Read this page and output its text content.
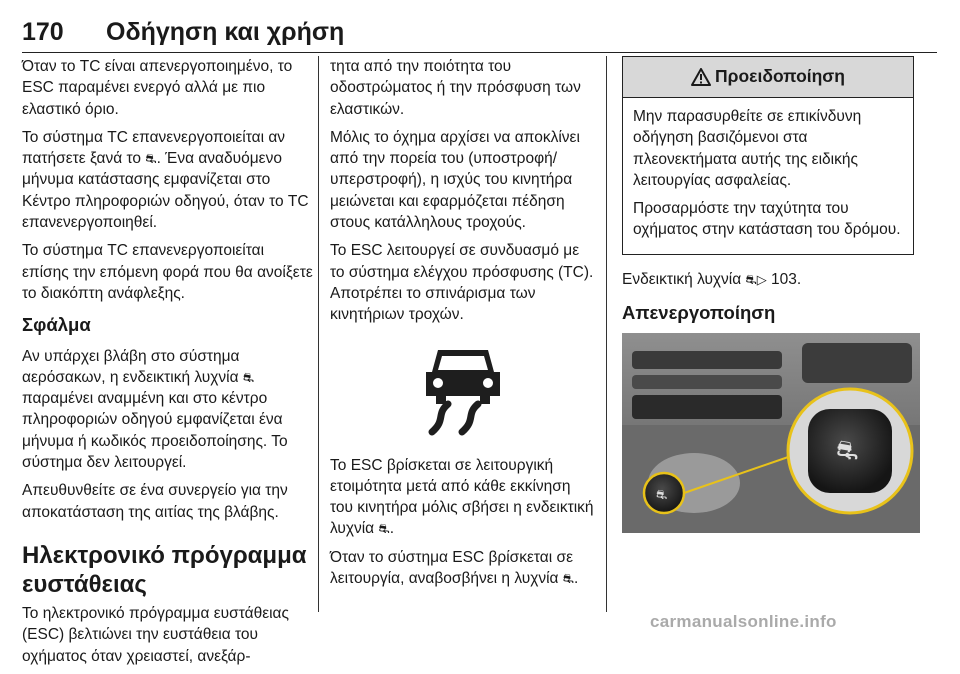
170 Οδήγηση και χρήση

Όταν το TC είναι απενεργοποιημένο, το ESC παραμένει ενεργό αλλά με πιο ελαστικό όριο.

Το σύστημα TC επανενεργοποιείται αν πατήσετε ξανά το ⛐. Ένα αναδυόμενο μήνυμα κατάστασης εμφανίζεται στο Κέντρο πληροφοριών οδηγού, όταν το TC επανενεργοποιηθεί.

Το σύστημα TC επανενεργοποιείται επίσης την επόμενη φορά που θα ανοίξετε το διακόπτη ανάφλεξης.

Σφάλμα

Αν υπάρχει βλάβη στο σύστημα αερόσακων, η ενδεικτική λυχνία ⛐ παραμένει αναμμένη και στο κέντρο πληροφοριών οδηγού εμφανίζεται ένα μήνυμα ή κωδικός προειδοποίησης. Το σύστημα δεν λειτουργεί.

Απευθυνθείτε σε ένα συνεργείο για την αποκατάσταση της αιτίας της βλάβης.

Ηλεκτρονικό πρόγραμμα ευστάθειας

Το ηλεκτρονικό πρόγραμμα ευστάθειας (ESC) βελτιώνει την ευστάθεια του οχήματος όταν χρειαστεί, ανεξάρ-

τητα από την ποιότητα του οδοστρώματος ή την πρόσφυση των ελαστικών.

Μόλις το όχημα αρχίσει να αποκλίνει από την πορεία του (υποστροφή/υπερστροφή), η ισχύς του κινητήρα μειώνεται και εφαρμόζεται πέδηση στους κατάλληλους τροχούς.

Το ESC λειτουργεί σε συνδυασμό με το σύστημα ελέγχου πρόσφυσης (TC). Αποτρέπει το σπινάρισμα των κινητήριων τροχών.

Το ESC βρίσκεται σε λειτουργική ετοιμότητα μετά από κάθε εκκίνηση του κινητήρα μόλις σβήσει η ενδεικτική λυχνία ⛐.

Όταν το σύστημα ESC βρίσκεται σε λειτουργία, αναβοσβήνει η λυχνία ⛐.

Προειδοποίηση

Μην παρασυρθείτε σε επικίνδυνη οδήγηση βασιζόμενοι στα πλεονεκτήματα αυτής της ειδικής λειτουργίας ασφαλείας.

Προσαρμόστε την ταχύτητα του οχήματος στην κατάσταση του δρόμου.

Ενδεικτική λυχνία ⛐▷ 103.

Απενεργοποίηση
⛐
⛐
carmanualsonline.info
